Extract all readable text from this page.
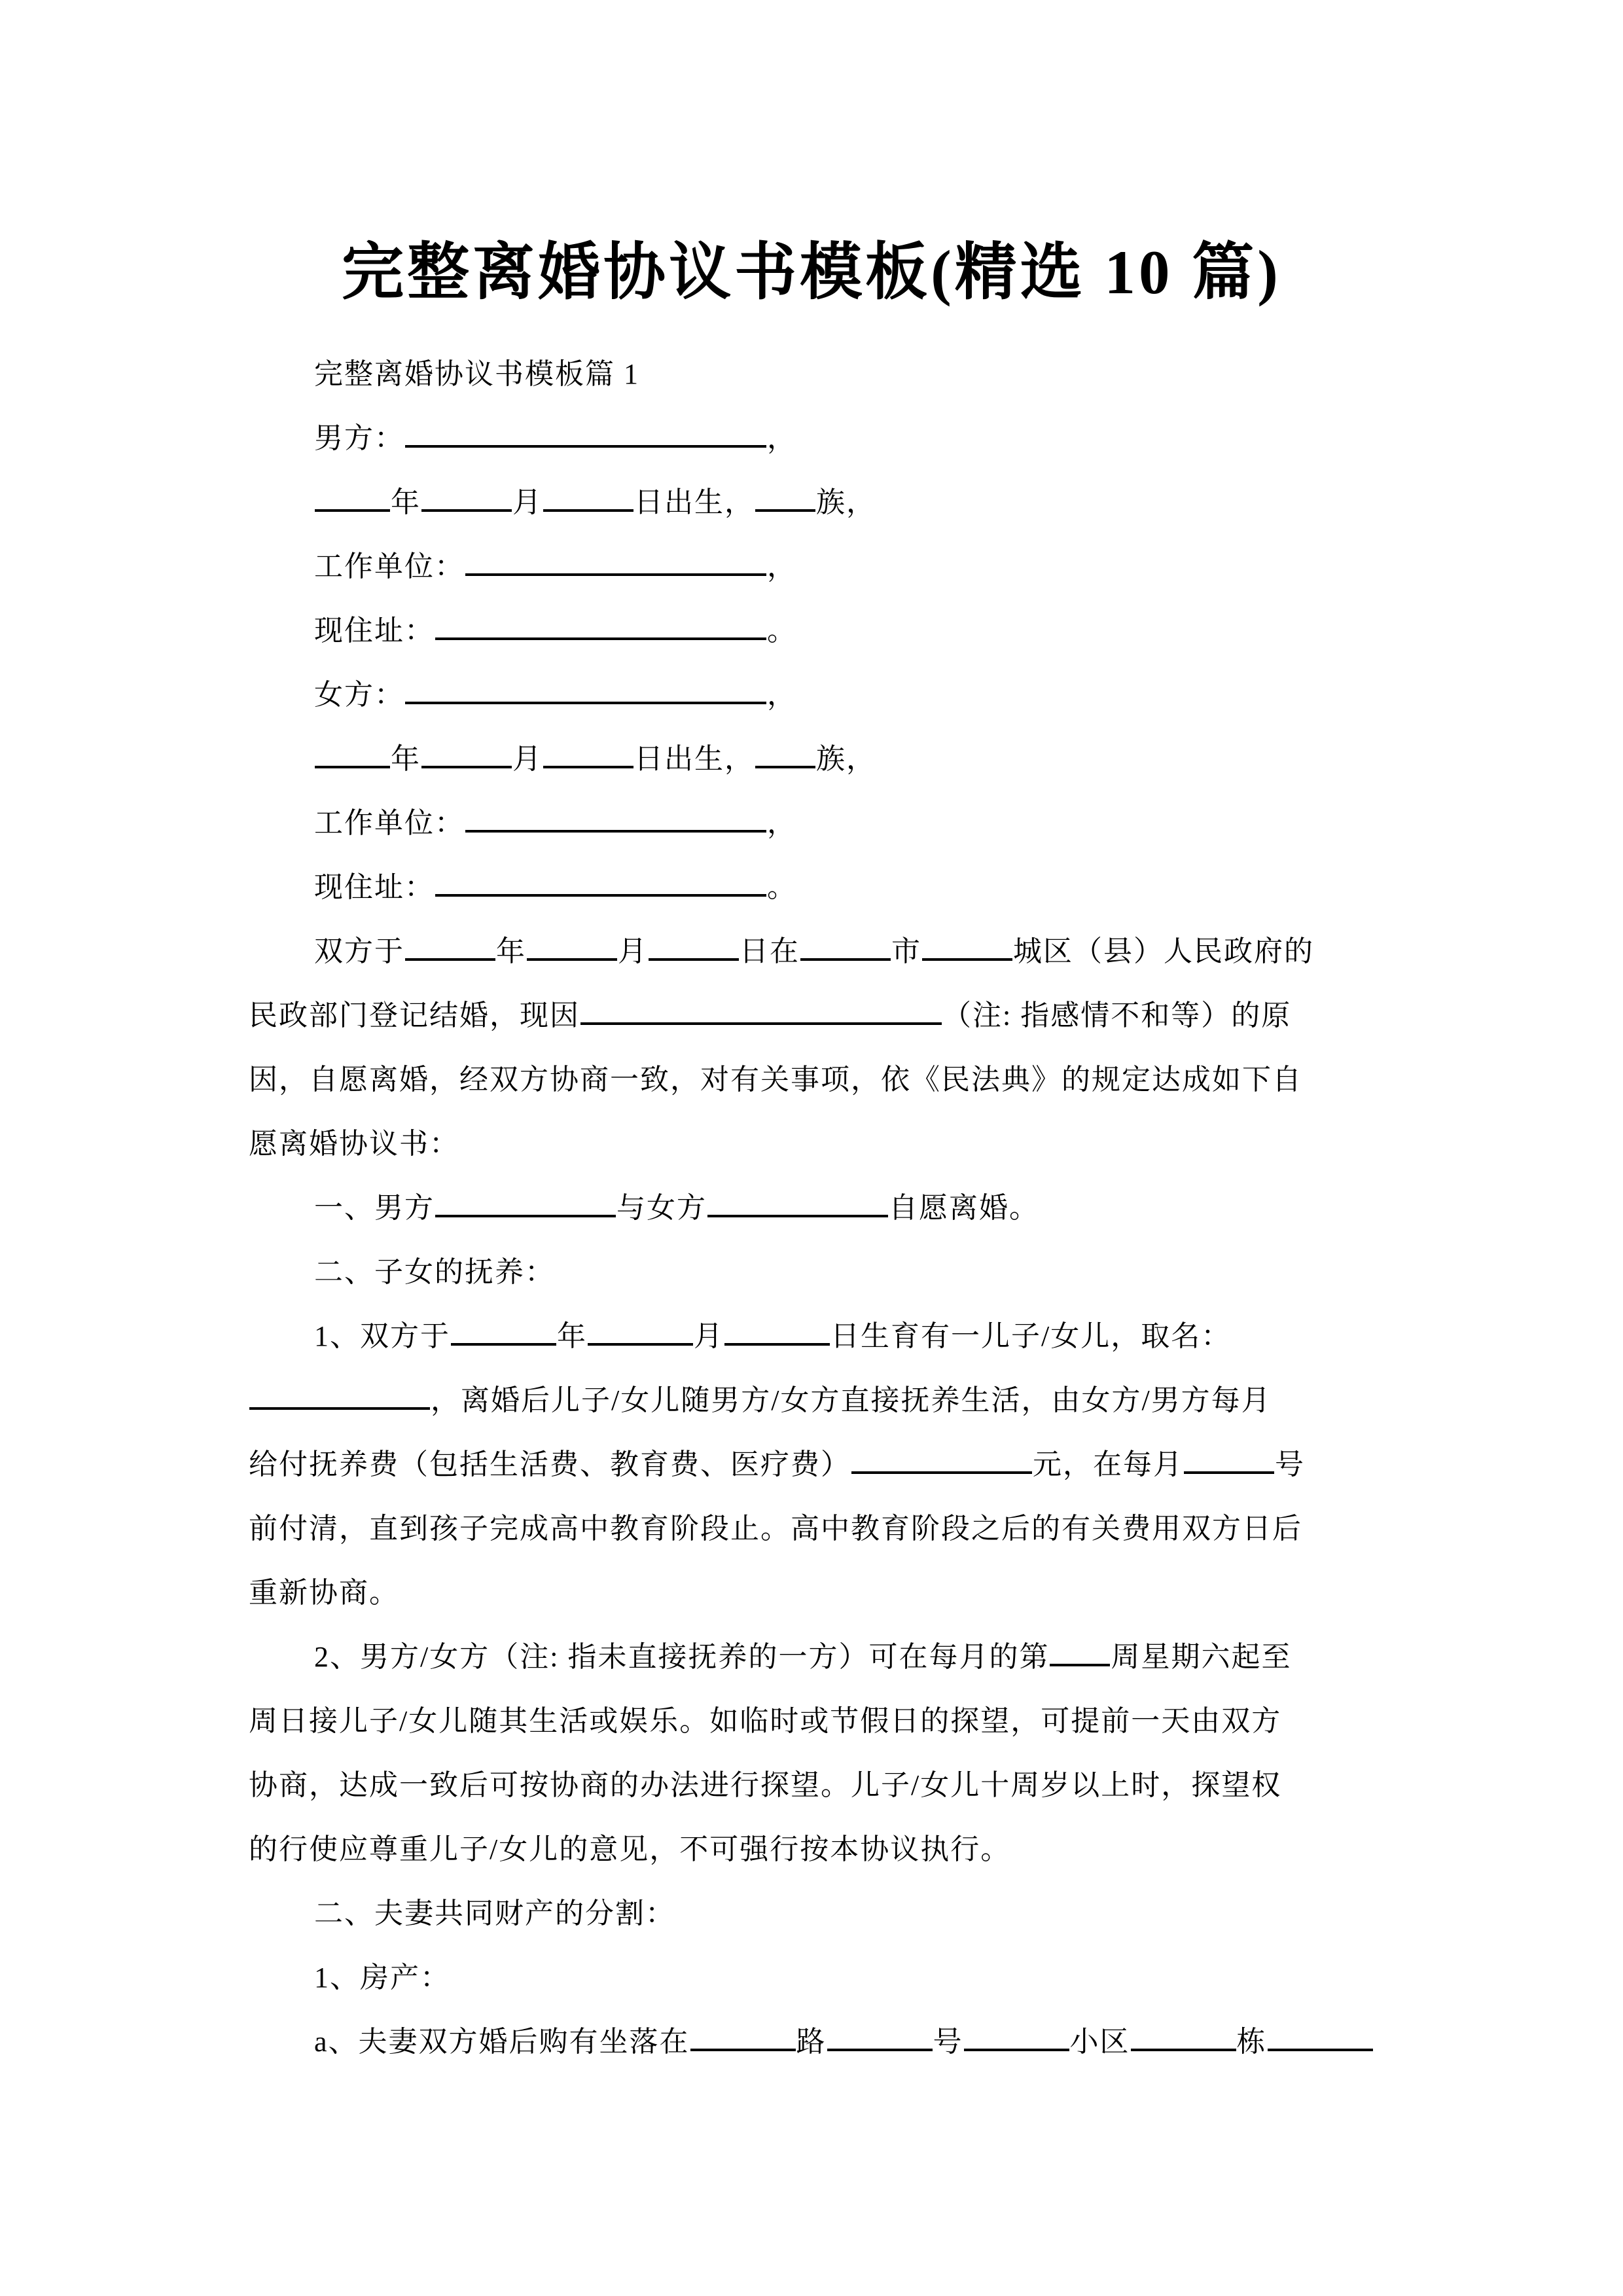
完整离婚协议书模板(精选 10 篇)

完整离婚协议书模板篇 1

男方：	，

年	月	日出生， 族，

工作单位：	，

现住址：	。

女方：	，

年	月	日出生， 族，

工作单位：	，

现住址：	。

双方于	年	月	日在	市	城区（县）人民政府的

民政部门登记结婚，现因	（注: 指感情不和等）的原

因，自愿离婚，经双方协商一致，对有关事项，依《民法典》的规定达成如下自

愿离婚协议书：

一、男方	与女方	自愿离婚。

二、子女的抚养：

1、双方于	年	月	日生育有一儿子/女儿，取名：

，离婚后儿子/女儿随男方/女方直接抚养生活，由女方/男方每月

给付抚养费（包括生活费、教育费、医疗费）	元，在每月	号

前付清，直到孩子完成高中教育阶段止。高中教育阶段之后的有关费用双方日后

重新协商。

2、男方/女方（注: 指未直接抚养的一方）可在每月的第 周星期六起至

周日接儿子/女儿随其生活或娱乐。如临时或节假日的探望，可提前一天由双方

协商，达成一致后可按协商的办法进行探望。儿子/女儿十周岁以上时，探望权

的行使应尊重儿子/女儿的意见，不可强行按本协议执行。

二、夫妻共同财产的分割：

1、房产：

a、夫妻双方婚后购有坐落在	路	号	小区	栋
